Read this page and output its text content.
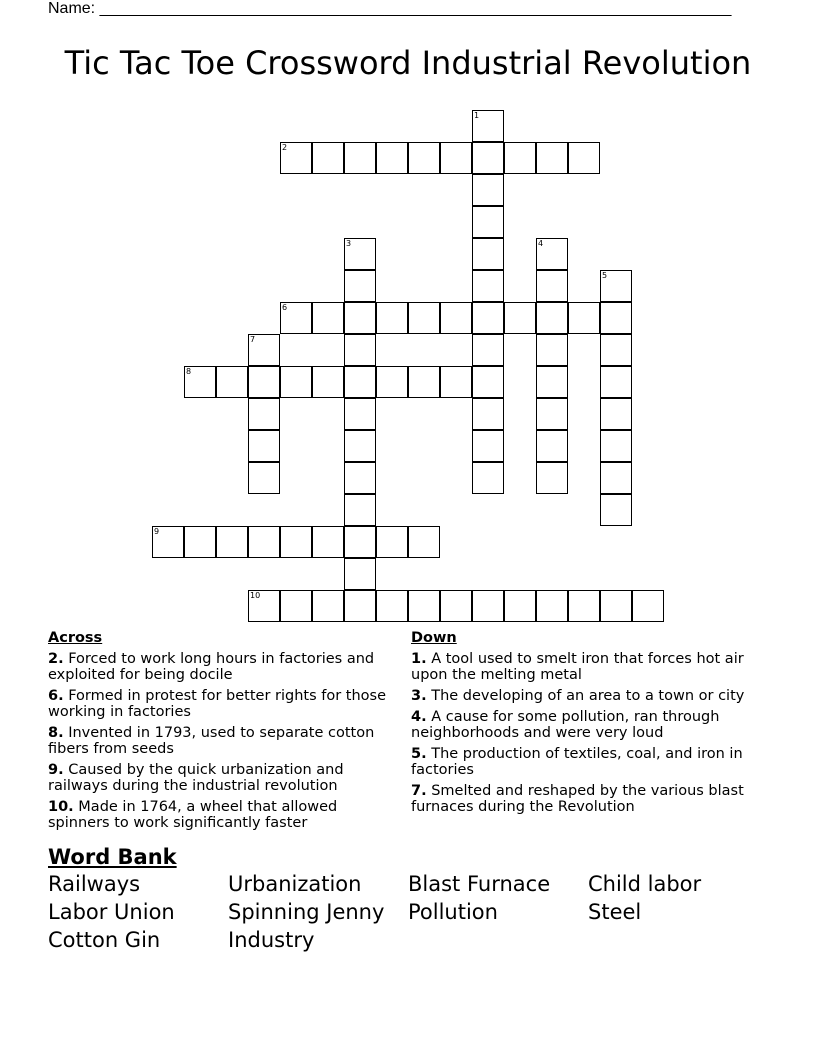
Name: _______________________________________________________________________
Tic Tac Toe Crossword Industrial Revolution
1
2
3	4
5
6
7
8
9
10
Across
2. Forced to work long hours in factories and exploited for being docile
6. Formed in protest for better rights for those working in factories
8. Invented in 1793, used to separate cotton fibers from seeds
9. Caused by the quick urbanization and railways during the industrial revolution
10. Made in 1764, a wheel that allowed spinners to work significantly faster
Down
1. A tool used to smelt iron that forces hot air upon the melting metal
3. The developing of an area to a town or city
4. A cause for some pollution, ran through neighborhoods and were very loud
5. The production of textiles, coal, and iron in factories
7. Smelted and reshaped by the various blast furnaces during the Revolution
Word Bank
Railways	Urbanization	Blast Furnace	Child labor
Labor Union	Spinning Jenny	Pollution	Steel
Cotton Gin	Industry
